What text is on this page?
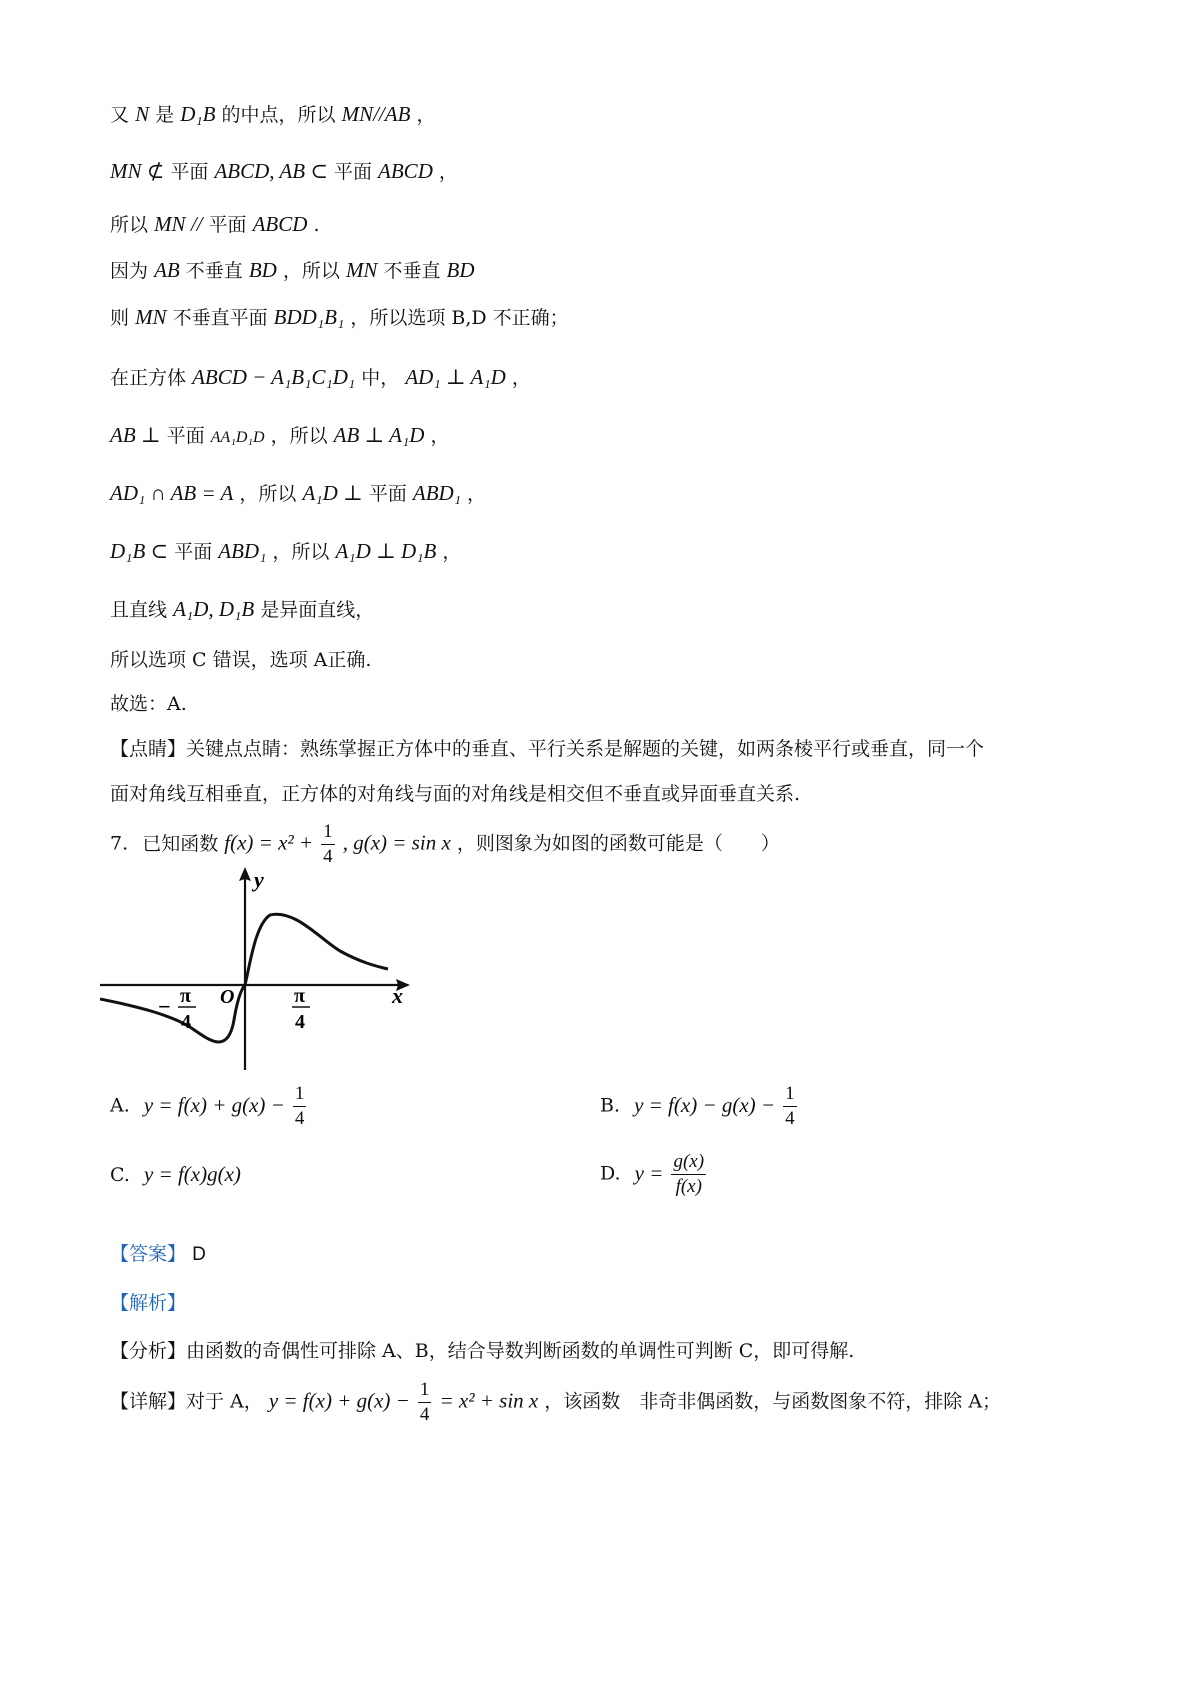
又 N 是 D₁B 的中点，所以 MN//AB ，
MN ⊄ 平面 ABCD, AB ⊂ 平面 ABCD ，
所以 MN // 平面 ABCD .
因为 AB 不垂直 BD ，所以 MN 不垂直 BD
则 MN 不垂直平面 BDD₁B₁ ，所以选项 B,D 不正确；
在正方体 ABCD − A₁B₁C₁D₁ 中， AD₁ ⊥ A₁D ，
AB ⊥ 平面 AA₁D₁D ，所以 AB ⊥ A₁D ，
AD₁ ∩ AB = A ，所以 A₁D ⊥ 平面 ABD₁ ，
D₁B ⊂ 平面 ABD₁ ，所以 A₁D ⊥ D₁B ，
且直线 A₁D, D₁B 是异面直线，
所以选项 C 错误，选项 A正确.
故选：A.
【点睛】关键点点睛：熟练掌握正方体中的垂直、平行关系是解题的关键，如两条棱平行或垂直，同一个
面对角线互相垂直，正方体的对角线与面的对角线是相交但不垂直或异面垂直关系.
7. 已知函数 $f(x) = x^2 + \frac{1}{4}$ , g(x) = sin x ，则图象为如图的函数可能是（　　）
y
x
O
− π
4
π
4
A. $y = f(x) + g(x) - \frac{1}{4}$	B. $y = f(x) - g(x) - \frac{1}{4}$
C. y = f(x)g(x)	D. $y = \frac{g(x)}{f(x)}$
【答案】 D
【解析】
【分析】由函数的奇偶性可排除 A、B，结合导数判断函数的单调性可判断 C，即可得解.
【详解】对于 A， $y = f(x) + g(x) - \frac{1}{4} = x^2 + \sin x$ ，该函数　非奇非偶函数，与函数图象不符，排除 A；
